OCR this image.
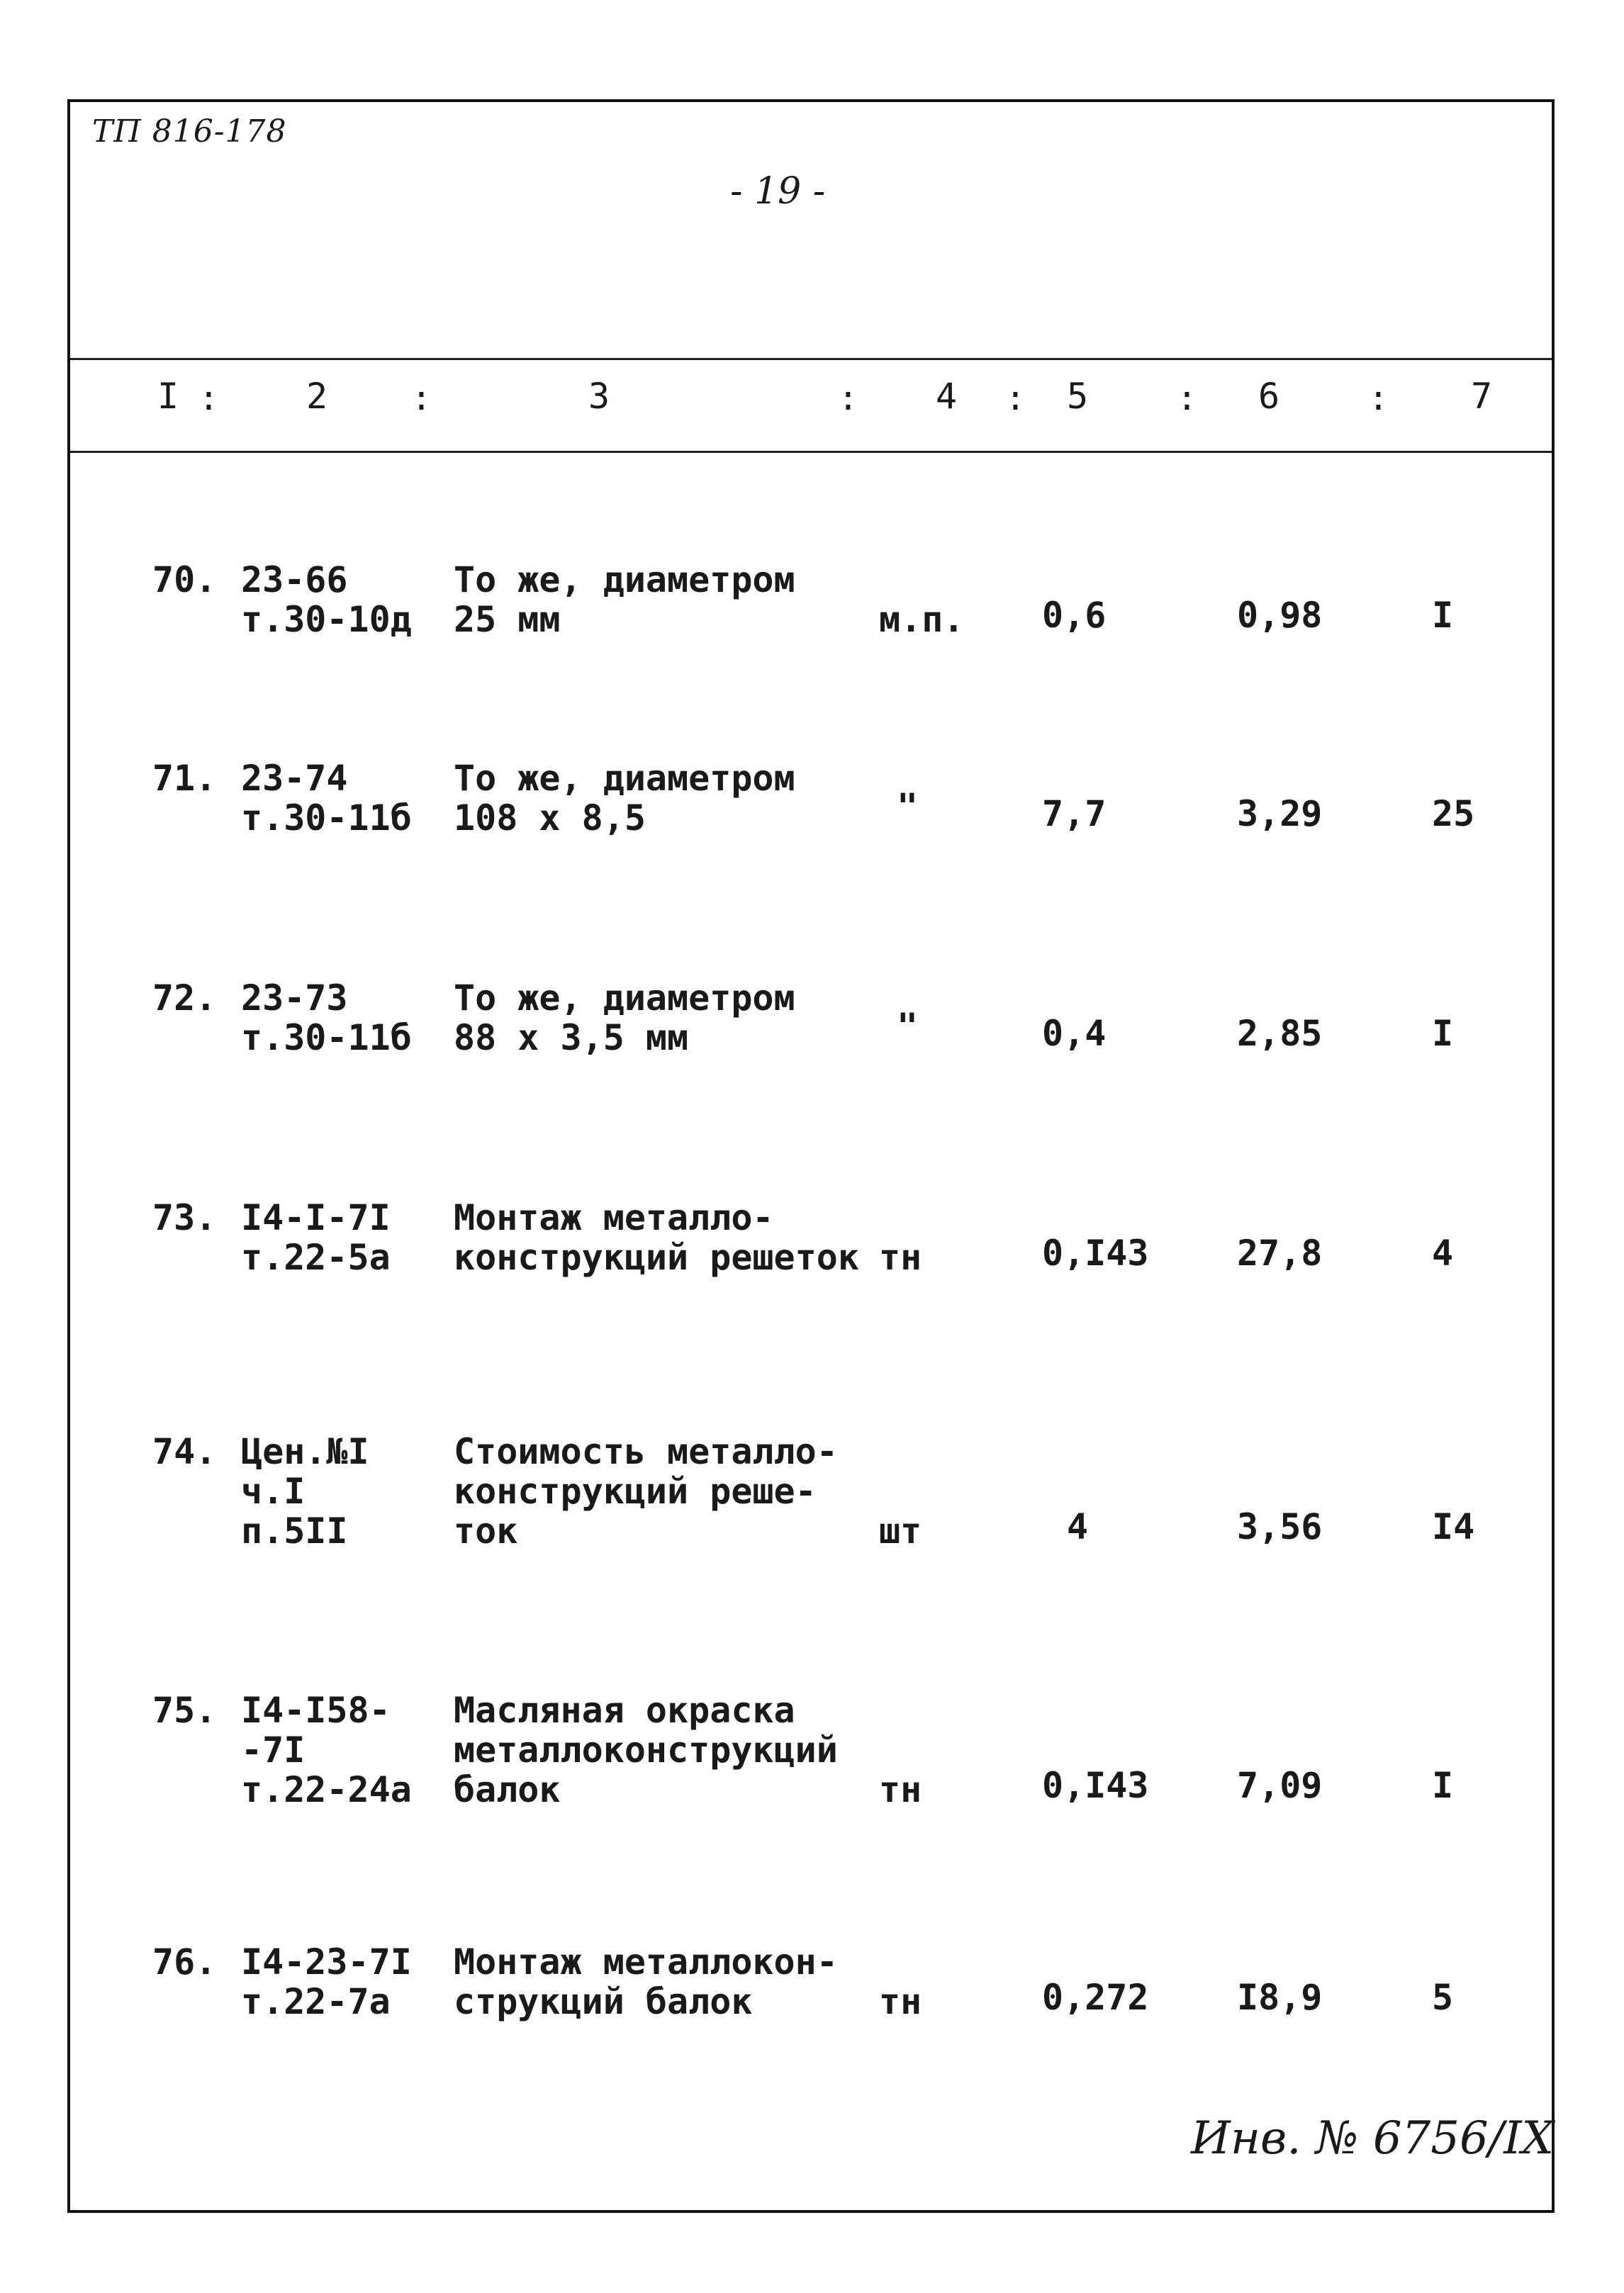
ТП 816-178
- 19 -
I : 2 :	3	: 4 : 5	: 6	: 7
70. 23-66
т.30-10д
То же, диаметром
25 мм	м.п. 0,6	0,98	I
71. 23-74
т.30-11б
То же, диаметром
108 x 8,5	"	7,7	3,29	25
72. 23-73
т.30-11б
То же, диаметром
88 x 3,5 мм	"	0,4	2,85	I
73. I4-I-7I
т.22-5а
Монтаж металло-
конструкций решеток тн	0,I43 27,8	4
74. Цен.№I
ч.I
п.5II
Стоимость металло-
конструкций реше-
ток	шт	4	3,56	I4
75. I4-I58-
-7I
т.22-24а
Масляная окраска
металлоконструкций
балок	тн	0,I43 7,09	I
76. I4-23-7I
т.22-7а
Монтаж металлокон-
струкций балок	тн	0,272 I8,9	5
Инв. № 6756/IX
